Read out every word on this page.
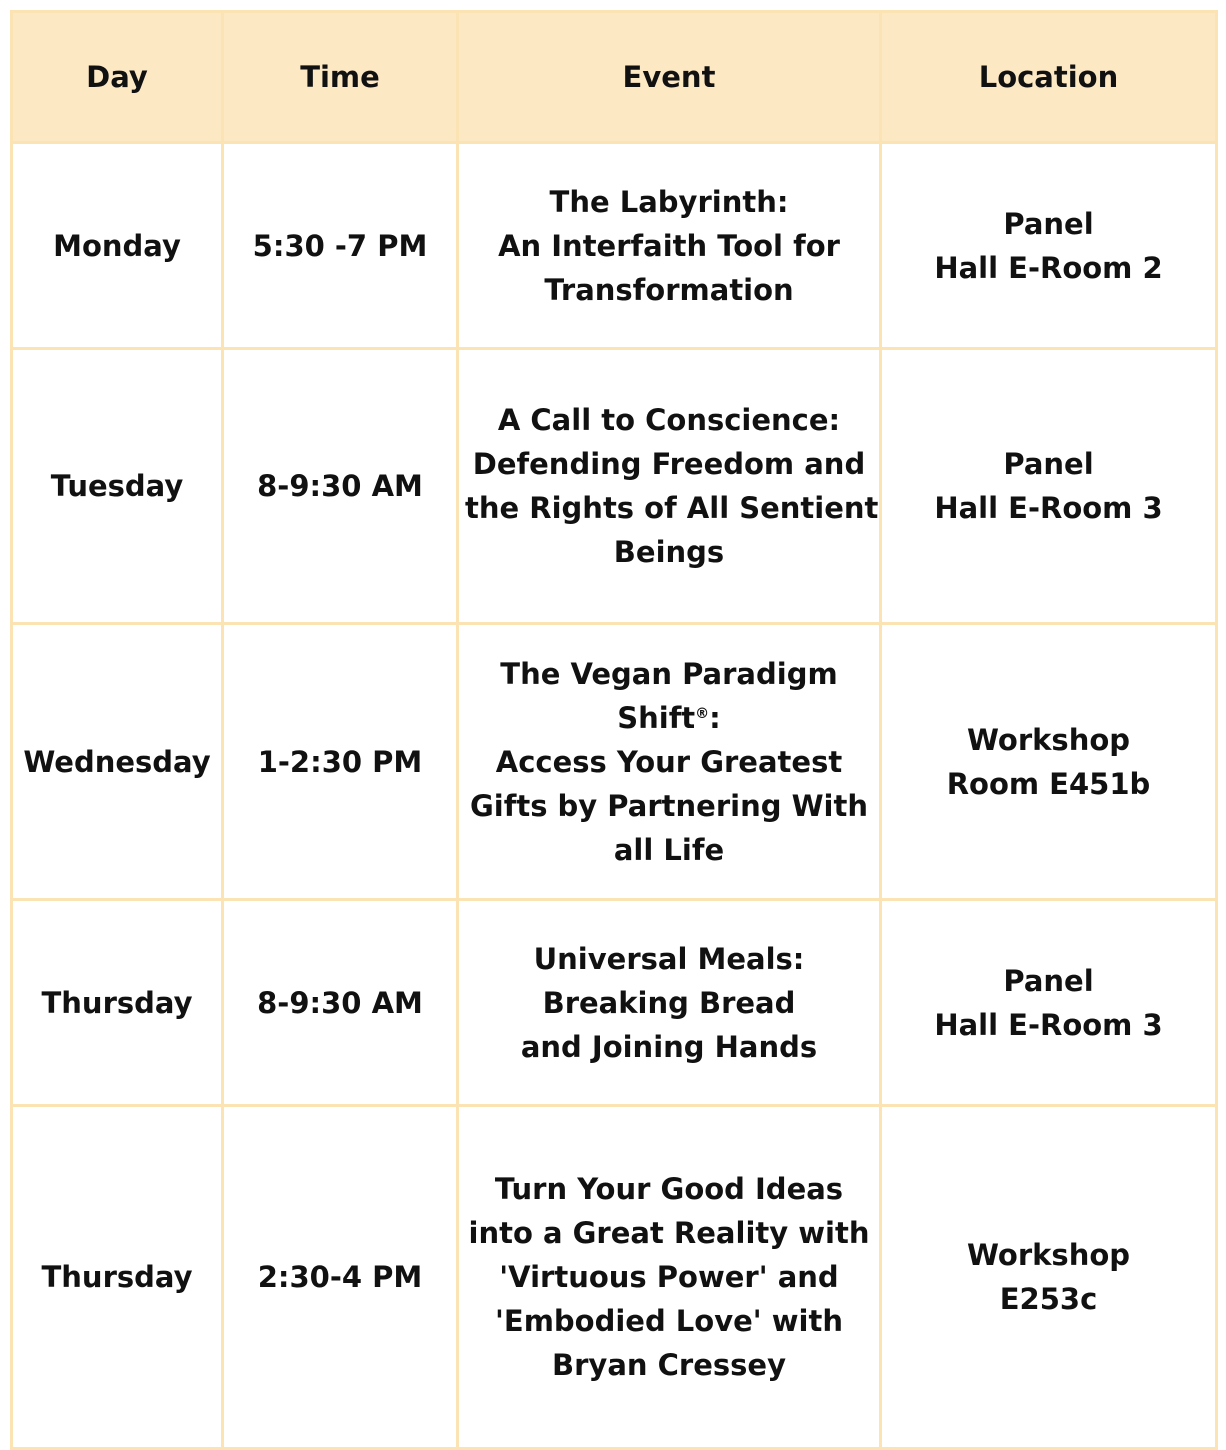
Day	Time	Event	Location
Monday	5:30 -7 PM	The Labyrinth:
An Interfaith Tool for
Transformation	Panel
Hall E-Room 2

Tuesday	8-9:30 AM	A Call to Conscience:
Defending Freedom and
the Rights of All Sentient
Beings	Panel
Hall E-Room 3

Wednesday	1-2:30 PM	The Vegan Paradigm
Shift®:
Access Your Greatest
Gifts by Partnering With
all Life	Workshop
Room E451b

Thursday	8-9:30 AM	Universal Meals:
Breaking Bread
and Joining Hands	Panel
Hall E-Room 3

Thursday	2:30-4 PM	Turn Your Good Ideas
into a Great Reality with
'Virtuous Power' and
'Embodied Love' with
Bryan Cressey	Workshop
E253c
